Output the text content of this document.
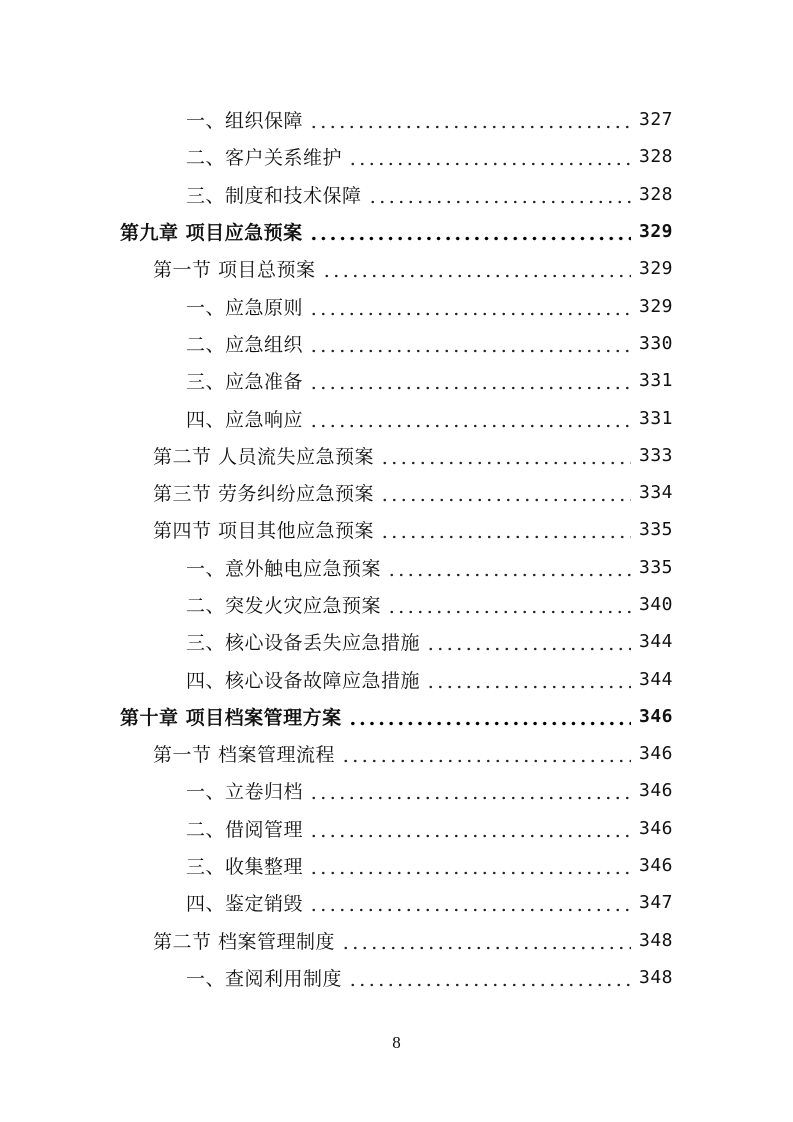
一、组织保障	327
二、客户关系维护	328
三、制度和技术保障	328
第九章 项目应急预案	329
第一节 项目总预案	329
一、应急原则	329
二、应急组织	330
三、应急准备	331
四、应急响应	331
第二节 人员流失应急预案	333
第三节 劳务纠纷应急预案	334
第四节 项目其他应急预案	335
一、意外触电应急预案	335
二、突发火灾应急预案	340
三、核心设备丢失应急措施	344
四、核心设备故障应急措施	344
第十章 项目档案管理方案	346
第一节 档案管理流程	346
一、立卷归档	346
二、借阅管理	346
三、收集整理	346
四、鉴定销毁	347
第二节 档案管理制度	348
一、查阅利用制度	348
8
